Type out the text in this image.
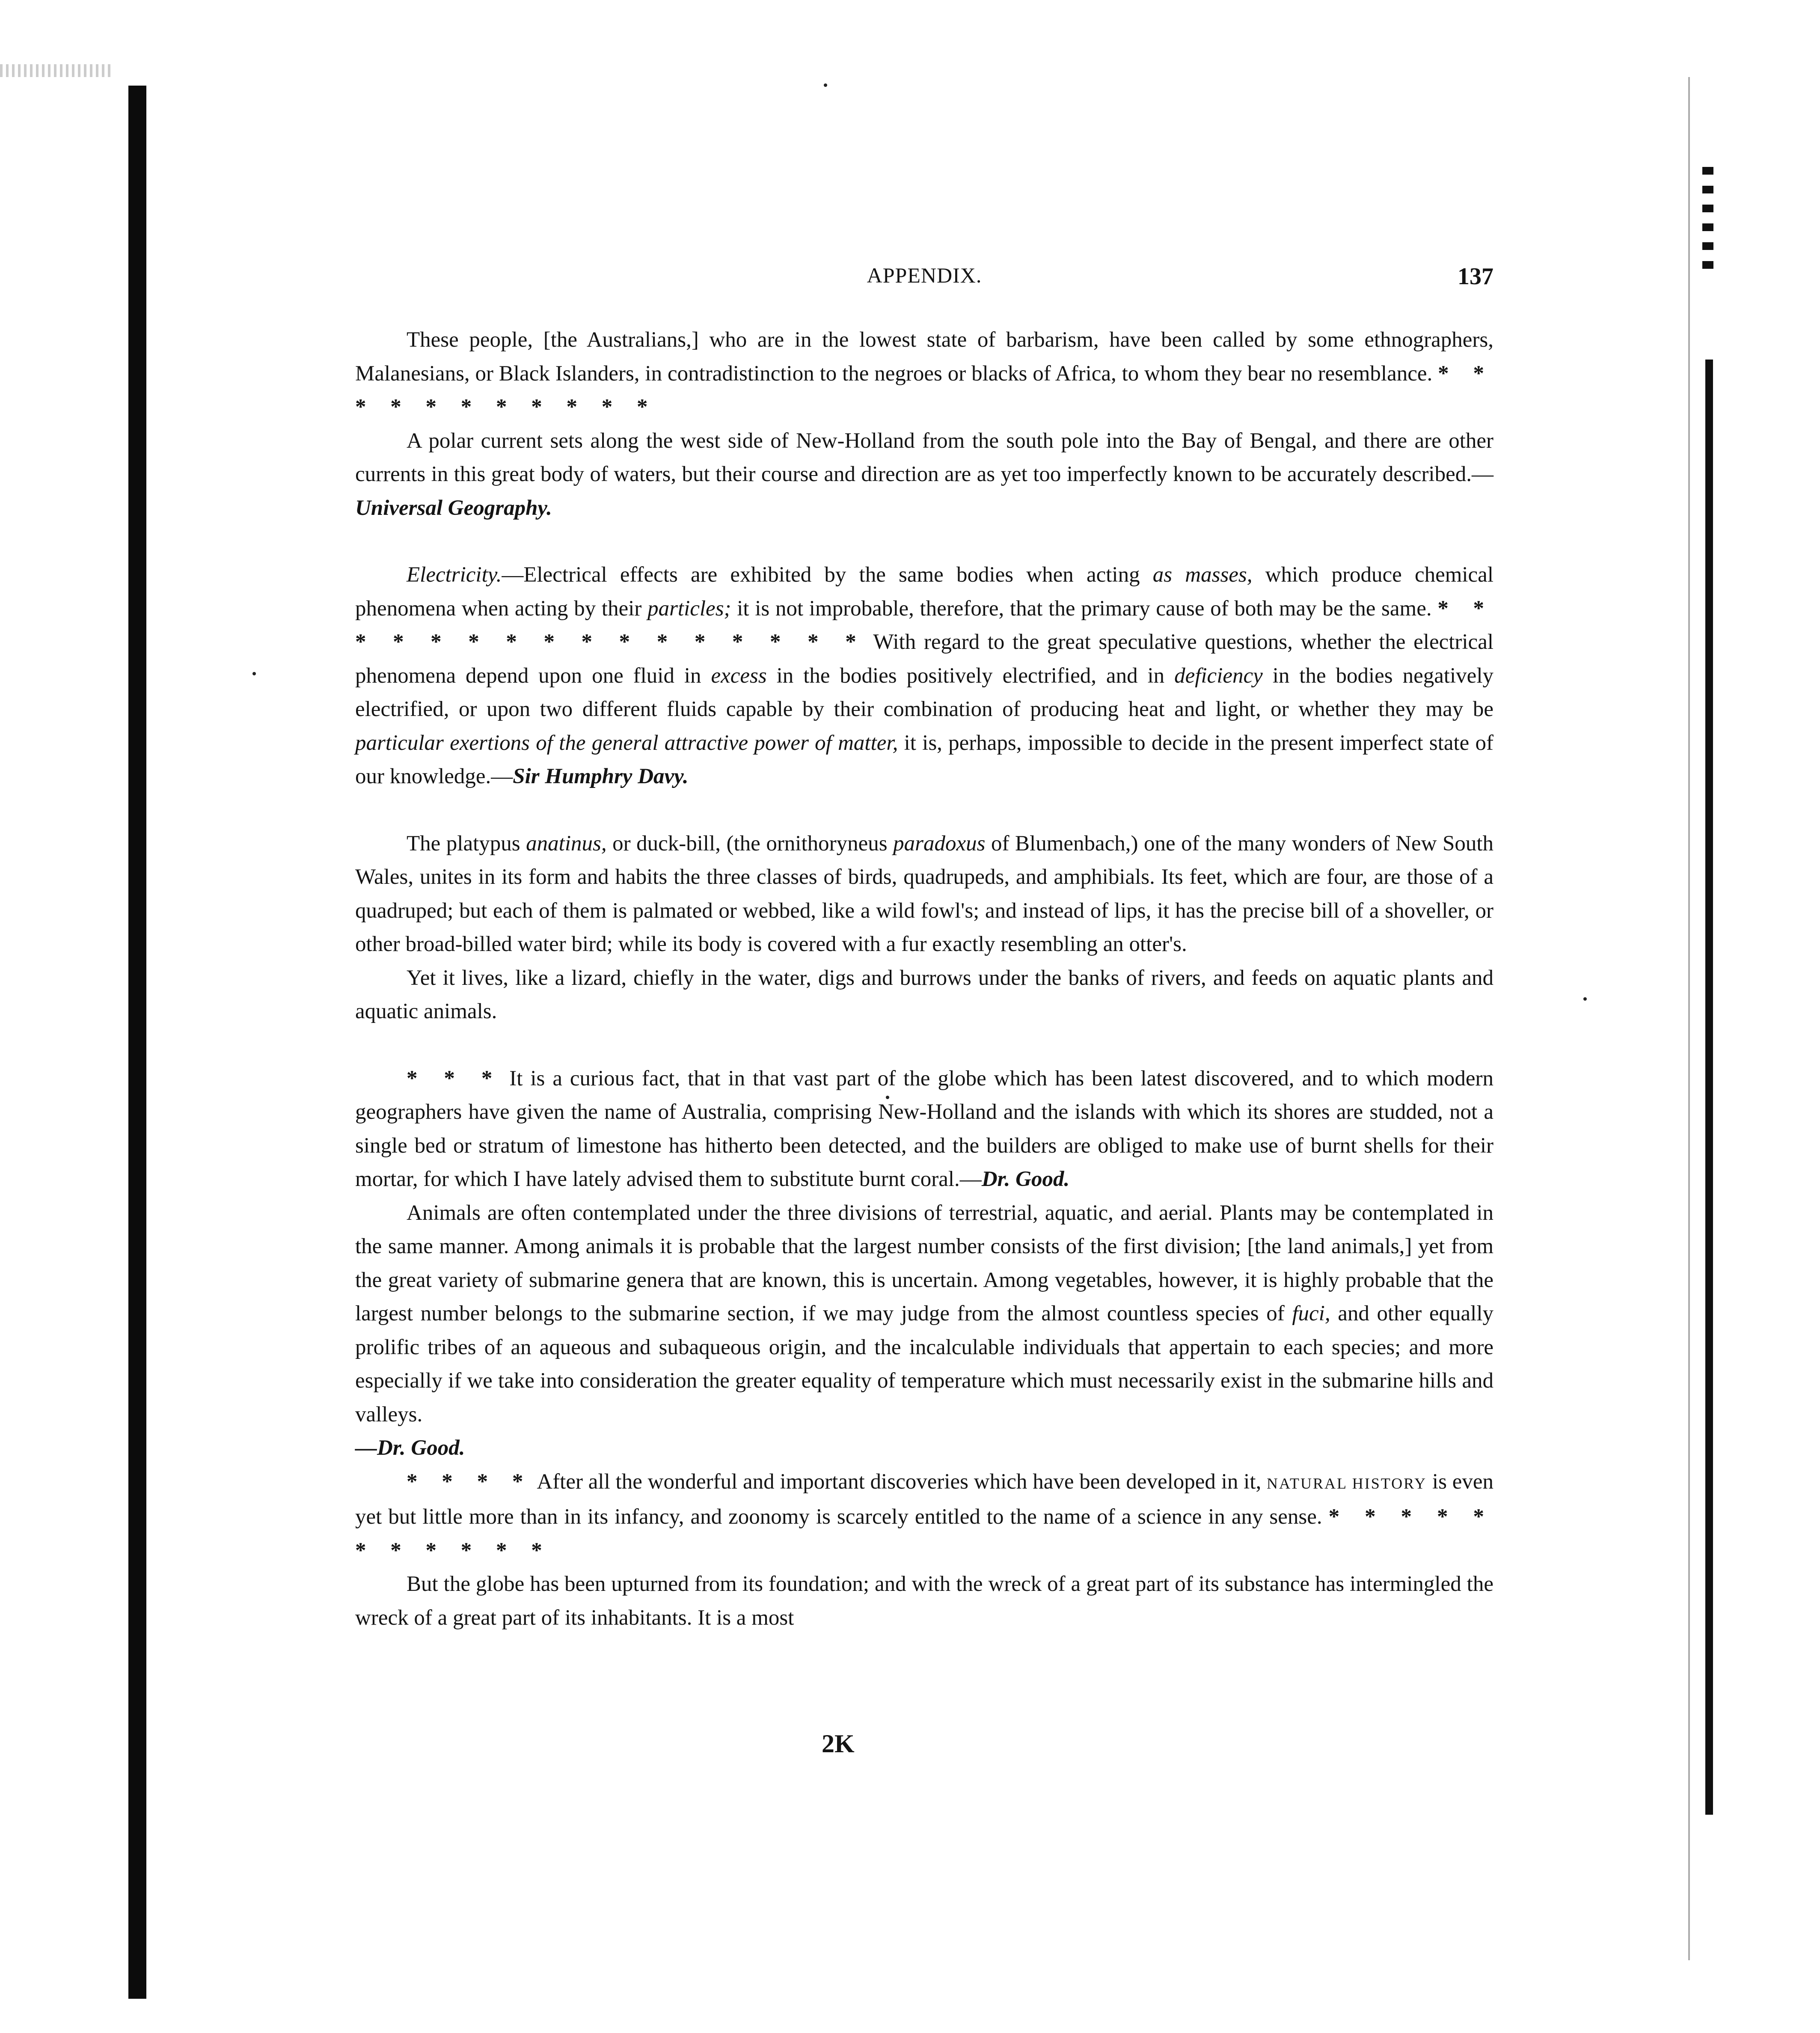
APPENDIX.	137

These people, [the Australians,] who are in the lowest state of barbarism, have been called by some ethnographers, Malanesians, or Black Islanders, in contradistinction to the negroes or blacks of Africa, to whom they bear no resemblance. * * * * * * * * * * *

A polar current sets along the west side of New-Holland from the south pole into the Bay of Bengal, and there are other currents in this great body of waters, but their course and direction are as yet too imperfectly known to be accurately described.—Universal Geography.

Electricity.—Electrical effects are exhibited by the same bodies when acting as masses, which produce chemical phenomena when acting by their particles; it is not improbable, therefore, that the primary cause of both may be the same. * * * * * * * * * * * * * * * * With regard to the great speculative questions, whether the electrical phenomena depend upon one fluid in excess in the bodies positively electrified, and in deficiency in the bodies negatively electrified, or upon two different fluids capable by their combination of producing heat and light, or whether they may be particular exertions of the general attractive power of matter, it is, perhaps, impossible to decide in the present imperfect state of our knowledge.—Sir Humphry Davy.

The platypus anatinus, or duck-bill, (the ornithoryneus paradoxus of Blumenbach,) one of the many wonders of New South Wales, unites in its form and habits the three classes of birds, quadrupeds, and amphibials. Its feet, which are four, are those of a quadruped; but each of them is palmated or webbed, like a wild fowl's; and instead of lips, it has the precise bill of a shoveller, or other broad-billed water bird; while its body is covered with a fur exactly resembling an otter's.

Yet it lives, like a lizard, chiefly in the water, digs and burrows under the banks of rivers, and feeds on aquatic plants and aquatic animals.

* * * It is a curious fact, that in that vast part of the globe which has been latest discovered, and to which modern geographers have given the name of Australia, comprising New-Holland and the islands with which its shores are studded, not a single bed or stratum of limestone has hitherto been detected, and the builders are obliged to make use of burnt shells for their mortar, for which I have lately advised them to substitute burnt coral.—Dr. Good.

Animals are often contemplated under the three divisions of terrestrial, aquatic, and aerial. Plants may be contemplated in the same manner. Among animals it is probable that the largest number consists of the first division; [the land animals,] yet from the great variety of submarine genera that are known, this is uncertain. Among vegetables, however, it is highly probable that the largest number belongs to the submarine section, if we may judge from the almost countless species of fuci, and other equally prolific tribes of an aqueous and subaqueous origin, and the incalculable individuals that appertain to each species; and more especially if we take into consideration the greater equality of temperature which must necessarily exist in the submarine hills and valleys.
—Dr. Good.

* * * * After all the wonderful and important discoveries which have been developed in it, NATURAL HISTORY is even yet but little more than in its infancy, and zoonomy is scarcely entitled to the name of a science in any sense. * * * * * * * * * * *

But the globe has been upturned from its foundation; and with the wreck of a great part of its substance has intermingled the wreck of a great part of its inhabitants. It is a most

2K
